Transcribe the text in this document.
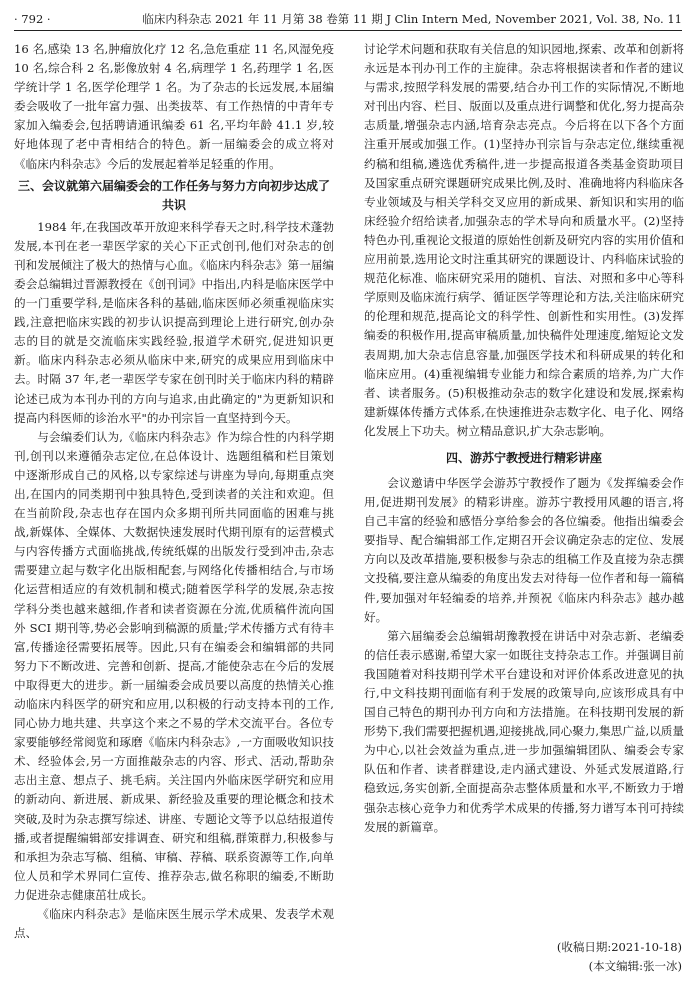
· 792 ·	临床内科杂志 2021 年 11 月第 38 卷第 11 期 J Clin Intern Med, November 2021, Vol. 38, No. 11

16 名,感染 13 名,肿瘤放化疗 12 名,急危重症 11 名,风湿免疫 10 名,综合科 2 名,影像放射 4 名,病理学 1 名,药理学 1 名,医学统计学 1 名,医学伦理学 1 名。为了杂志的长远发展,本届编委会吸收了一批年富力强、出类拔萃、有工作热情的中青年专家加入编委会,包括聘请通讯编委 61 名,平均年龄 41.1 岁,较好地体现了老中青相结合的特色。新一届编委会的成立将对《临床内科杂志》今后的发展起着举足轻重的作用。

三、会议就第六届编委会的工作任务与努力方向初步达成了共识

1984 年,在我国改革开放迎来科学春天之时,科学技术蓬勃发展,本刊在老一辈医学家的关心下正式创刊,他们对杂志的创刊和发展倾注了极大的热情与心血。《临床内科杂志》第一届编委会总编辑过晋源教授在《创刊词》中指出,内科是临床医学中的一门重要学科,是临床各科的基础,临床医师必须重视临床实践,注意把临床实践的初步认识提高到理论上进行研究,创办杂志的目的就是交流临床实践经验,报道学术研究,促进知识更新。临床内科杂志必须从临床中来,研究的成果应用到临床中去。时隔 37 年,老一辈医学专家在创刊时关于临床内科的精辟论述已成为本刊办刊的方向与追求,由此确定的"为更新知识和提高内科医师的诊治水平"的办刊宗旨一直坚持到今天。

与会编委们认为,《临床内科杂志》作为综合性的内科学期刊,创刊以来遵循杂志定位,在总体设计、选题组稿和栏目策划中逐渐形成自己的风格,以专家综述与讲座为导向,每期重点突出,在国内的同类期刊中独具特色,受到读者的关注和欢迎。但在当前阶段,杂志也存在国内众多期刊所共同面临的困难与挑战,新媒体、全媒体、大数据快速发展时代期刊原有的运营模式与内容传播方式面临挑战,传统纸媒的出版发行受到冲击,杂志需要建立起与数字化出版相配套,与网络化传播相结合,与市场化运营相适应的有效机制和模式;随着医学科学的发展,杂志按学科分类也越来越细,作者和读者资源在分流,优质稿件流向国外 SCI 期刊等,势必会影响到稿源的质量;学术传播方式有待丰富,传播途径需要拓展等。因此,只有在编委会和编辑部的共同努力下不断改进、完善和创新、提高,才能使杂志在今后的发展中取得更大的进步。新一届编委会成员要以高度的热情关心推动临床内科医学的研究和应用,以积极的行动支持本刊的工作,同心协力地共建、共享这个来之不易的学术交流平台。各位专家要能够经常阅览和琢磨《临床内科杂志》,一方面吸收知识技术、经验体会,另一方面推敲杂志的内容、形式、活动,帮助杂志出主意、想点子、挑毛病。关注国内外临床医学研究和应用的新动向、新进展、新成果、新经验及重要的理论概念和技术突破,及时为杂志撰写综述、讲座、专题论文等予以总结报道传播,或者提醒编辑部安排调查、研究和组稿,群策群力,积极参与和承担为杂志写稿、组稿、审稿、荐稿、联系资源等工作,向单位人员和学术界同仁宣传、推荐杂志,做名称职的编委,不断助力促进杂志健康茁壮成长。

《临床内科杂志》是临床医生展示学术成果、发表学术观点、

讨论学术问题和获取有关信息的知识园地,探索、改革和创新将永远是本刊办刊工作的主旋律。杂志将根据读者和作者的建议与需求,按照学科发展的需要,结合办刊工作的实际情况,不断地对刊出内容、栏目、版面以及重点进行调整和优化,努力提高杂志质量,增强杂志内涵,培育杂志亮点。今后将在以下各个方面注重开展或加强工作。(1)坚持办刊宗旨与杂志定位,继续重视约稿和组稿,遴选优秀稿件,进一步提高报道各类基金资助项目及国家重点研究课题研究成果比例,及时、准确地将内科临床各专业领域及与相关学科交叉应用的新成果、新知识和实用的临床经验介绍给读者,加强杂志的学术导向和质量水平。(2)坚持特色办刊,重视论文报道的原始性创新及研究内容的实用价值和应用前景,选用论文时注重其研究的课题设计、内科临床试验的规范化标准、临床研究采用的随机、盲法、对照和多中心等科学原则及临床流行病学、循证医学等理论和方法,关注临床研究的伦理和规范,提高论文的科学性、创新性和实用性。(3)发挥编委的积极作用,提高审稿质量,加快稿件处理速度,缩短论文发表周期,加大杂志信息容量,加强医学技术和科研成果的转化和临床应用。(4)重视编辑专业能力和综合素质的培养,为广大作者、读者服务。(5)积极推动杂志的数字化建设和发展,探索构建新媒体传播方式体系,在快速推进杂志数字化、电子化、网络化发展上下功夫。树立精品意识,扩大杂志影响。

四、游苏宁教授进行精彩讲座

会议邀请中华医学会游苏宁教授作了题为《发挥编委会作用,促进期刊发展》的精彩讲座。游苏宁教授用风趣的语言,将自己丰富的经验和感悟分享给参会的各位编委。他指出编委会要指导、配合编辑部工作,定期召开会议确定杂志的定位、发展方向以及改革措施,要积极参与杂志的组稿工作及直接为杂志撰文投稿,要注意从编委的角度出发去对待每一位作者和每一篇稿件,要加强对年轻编委的培养,并预祝《临床内科杂志》越办越好。

第六届编委会总编辑胡豫教授在讲话中对杂志新、老编委的信任表示感谢,希望大家一如既往支持杂志工作。并强调目前我国随着对科技期刊学术平台建设和对评价体系改进意见的执行,中文科技期刊面临有利于发展的政策导向,应该形成具有中国自己特色的期刊办刊方向和方法措施。在科技期刊发展的新形势下,我们需要把握机遇,迎接挑战,同心聚力,集思广益,以质量为中心,以社会效益为重点,进一步加强编辑团队、编委会专家队伍和作者、读者群建设,走内涵式建设、外延式发展道路,行稳致远,务实创新,全面提高杂志整体质量和水平,不断致力于增强杂志核心竞争力和优秀学术成果的传播,努力谱写本刊可持续发展的新篇章。

(收稿日期:2021-10-18)
(本文编辑:张一冰)
